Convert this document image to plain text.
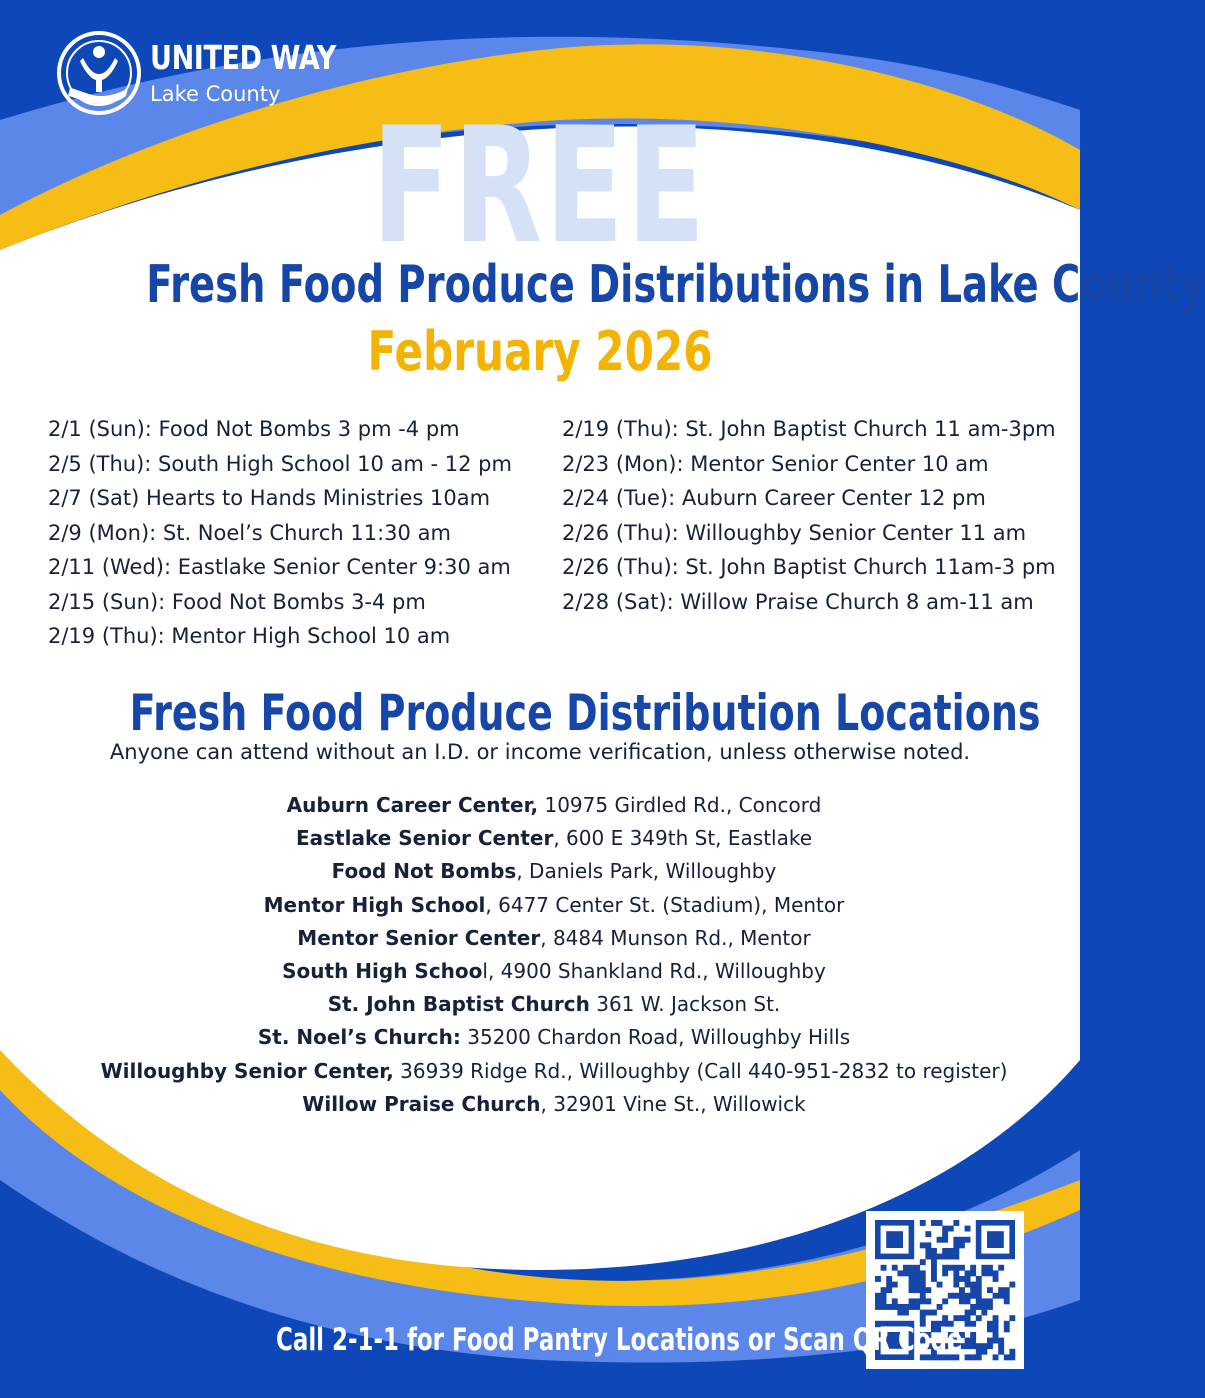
UNITED WAY
Lake County FREE
Fresh Food Produce Distributions in Lake County
February 2026
2/1 (Sun): Food Not Bombs 3 pm -4 pm
2/5 (Thu): South High School 10 am - 12 pm
2/7 (Sat) Hearts to Hands Ministries 10am
2/9 (Mon): St. Noel’s Church 11:30 am
2/11 (Wed): Eastlake Senior Center 9:30 am
2/15 (Sun): Food Not Bombs 3-4 pm
2/19 (Thu): Mentor High School 10 am
2/19 (Thu): St. John Baptist Church 11 am-3pm
2/23 (Mon): Mentor Senior Center 10 am
2/24 (Tue): Auburn Career Center 12 pm
2/26 (Thu): Willoughby Senior Center 11 am
2/26 (Thu): St. John Baptist Church 11am-3 pm
2/28 (Sat): Willow Praise Church 8 am-11 am
Fresh Food Produce Distribution Locations
Anyone can attend without an I.D. or income verification, unless otherwise noted.
Auburn Career Center, 10975 Girdled Rd., Concord
Eastlake Senior Center, 600 E 349th St, Eastlake
Food Not Bombs, Daniels Park, Willoughby
Mentor High School, 6477 Center St. (Stadium), Mentor
Mentor Senior Center, 8484 Munson Rd., Mentor
South High School, 4900 Shankland Rd., Willoughby
St. John Baptist Church 361 W. Jackson St.
St. Noel’s Church: 35200 Chardon Road, Willoughby Hills
Willoughby Senior Center, 36939 Ridge Rd., Willoughby (Call 440-951-2832 to register)
Willow Praise Church, 32901 Vine St., Willowick
Call 2-1-1 for Food Pantry Locations or Scan QR Code
